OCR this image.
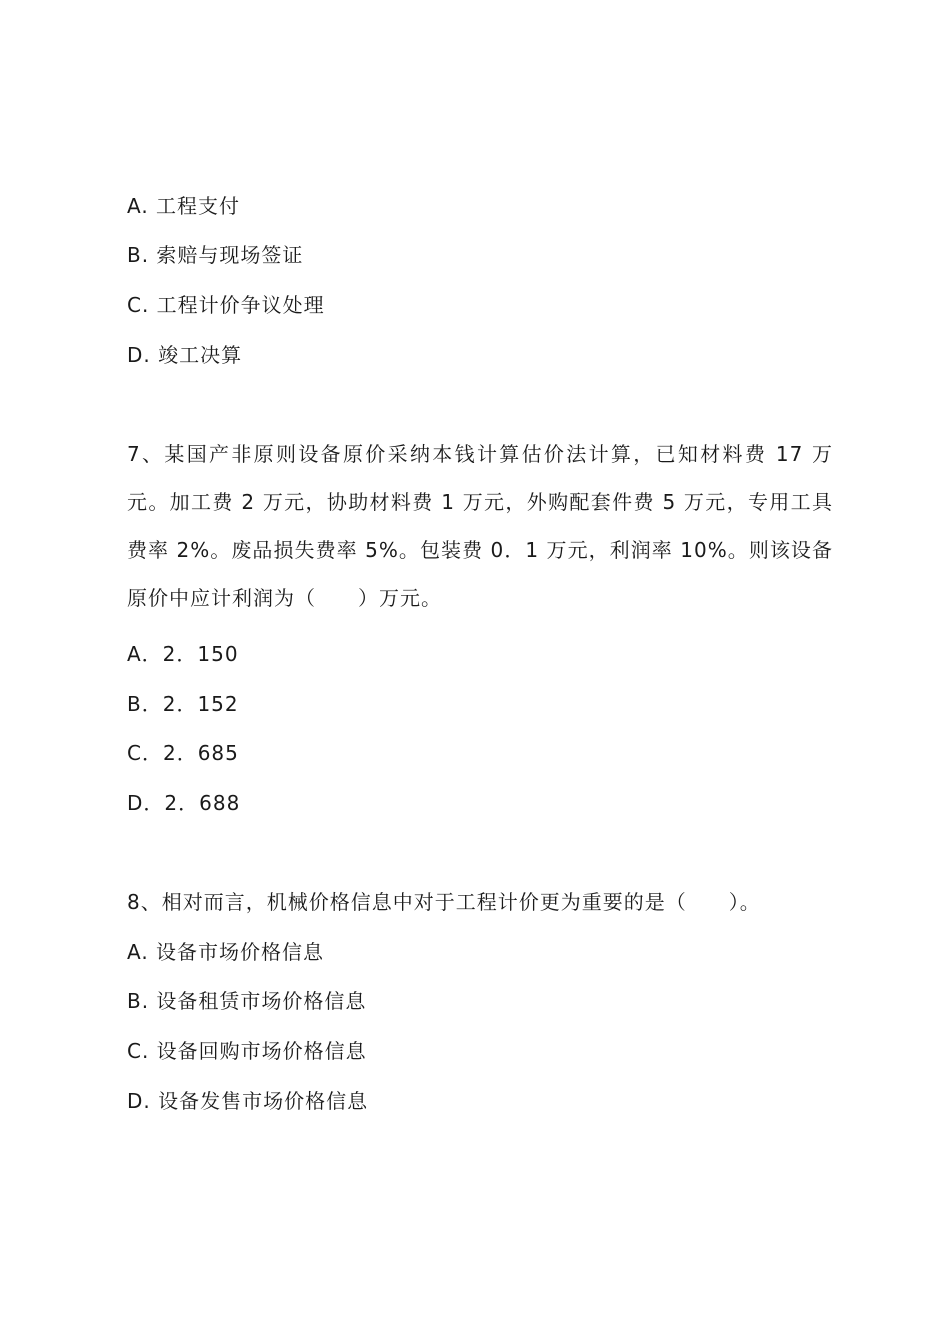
A. 工程支付
B. 索赔与现场签证
C. 工程计价争议处理
D. 竣工决算
7、某国产非原则设备原价采纳本钱计算估价法计算，已知材料费 17 万元。加工费 2 万元，协助材料费 1 万元，外购配套件费 5 万元，专用工具费率 2%。废品损失费率 5%。包装费 0．1 万元，利润率 10%。则该设备原价中应计利润为（　　）万元。
A．2．150
B．2．152
C．2．685
D．2．688
8、相对而言，机械价格信息中对于工程计价更为重要的是（　　）。
A. 设备市场价格信息
B. 设备租赁市场价格信息
C. 设备回购市场价格信息
D. 设备发售市场价格信息
